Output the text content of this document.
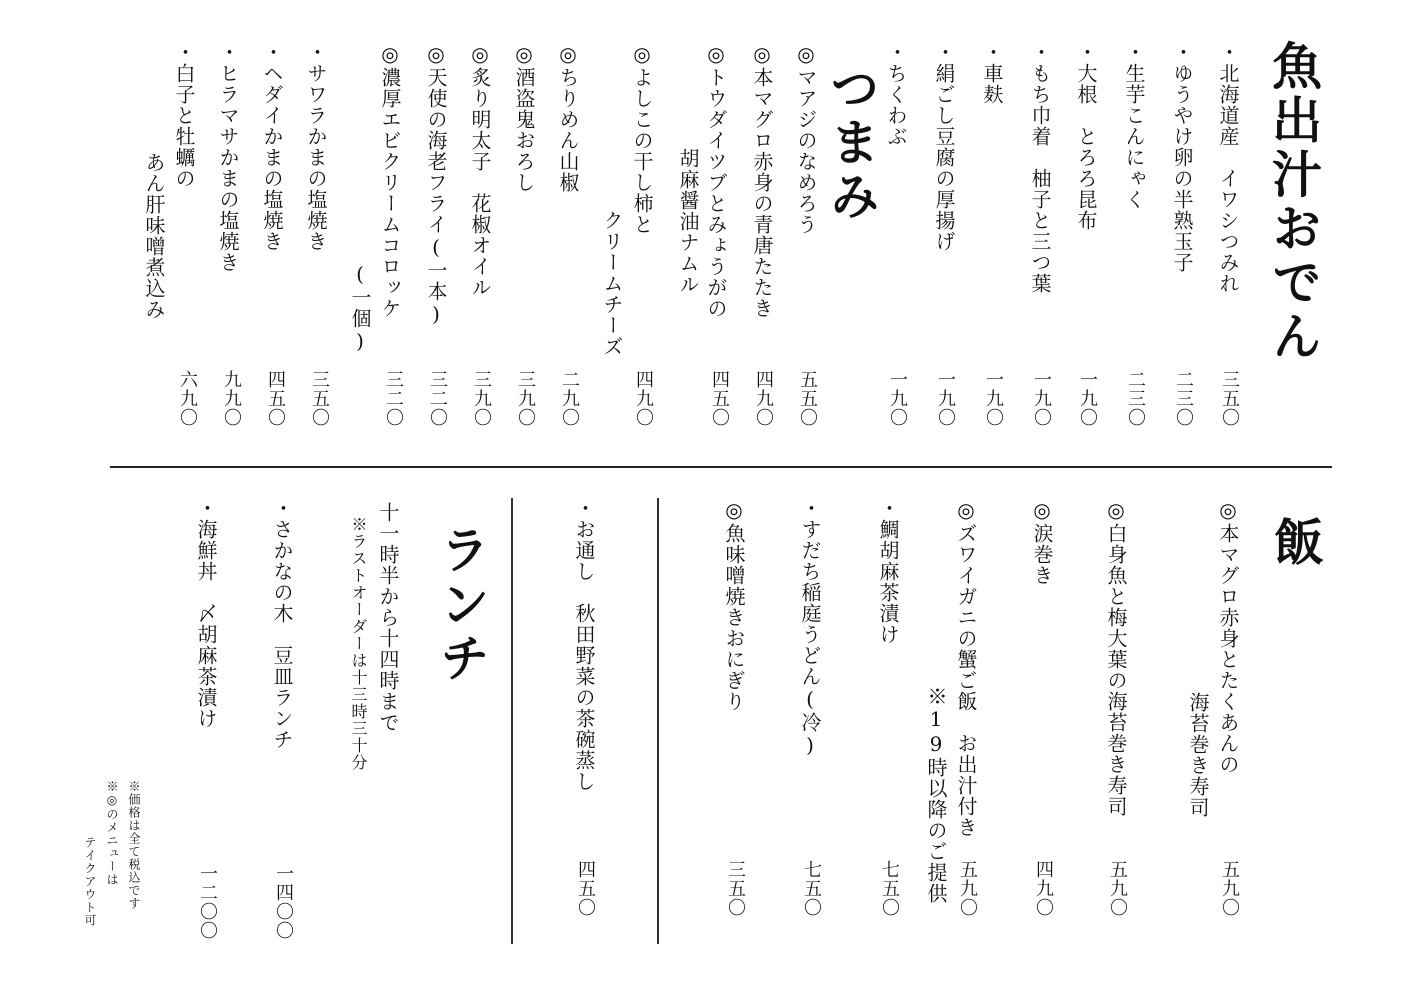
魚出汁おでん
・北海道産　イワシつみれ
三五〇
・ゆうやけ卵の半熟玉子
二三〇
・生芋こんにゃく
二三〇
・大根　とろろ昆布
一九〇
・もち巾着　柚子と三つ葉
一九〇
・車麸
一九〇
・絹ごし豆腐の厚揚げ
一九〇
・ちくわぶ
一九〇
つまみ
◎マアジのなめろう
五五〇
◎本マグロ赤身の青唐たたき
四九〇
◎トウダイツブとみょうがの
胡麻醤油ナムル
四五〇
◎よしこの干し柿と
クリームチーズ
四九〇
◎ちりめん山椒
二九〇
◎酒盗鬼おろし
三九〇
◎炙り明太子　花椒オイル
三九〇
◎天使の海老フライ(一本)
三二〇
◎濃厚エビクリームコロッケ
(一個)
三二〇
・サワラかまの塩焼き
三五〇
・ヘダイかまの塩焼き
四五〇
・ヒラマサかまの塩焼き
九九〇
・白子と牡蠣の
あん肝味噌煮込み
六九〇
飯
◎本マグロ赤身とたくあんの
海苔巻き寿司
五九〇
◎白身魚と梅大葉の海苔巻き寿司
五九〇
◎涙巻き
四九〇
◎ズワイガニの蟹ご飯　お出汁付き
※19時以降のご提供 五九〇
・鯛胡麻茶漬け
七五〇
・すだち稲庭うどん(冷)
七五〇
◎魚味噌焼きおにぎり
三五〇
・お通し　秋田野菜の茶碗蒸し
四五〇
ランチ
十一時半から十四時まで
※ラストオーダーは十三時三十分
・さかなの木　豆皿ランチ
一四〇〇
・海鮮丼　〆胡麻茶漬け
一二〇〇
※価格は全て税込です
※◎のメニューは
テイクアウト可
